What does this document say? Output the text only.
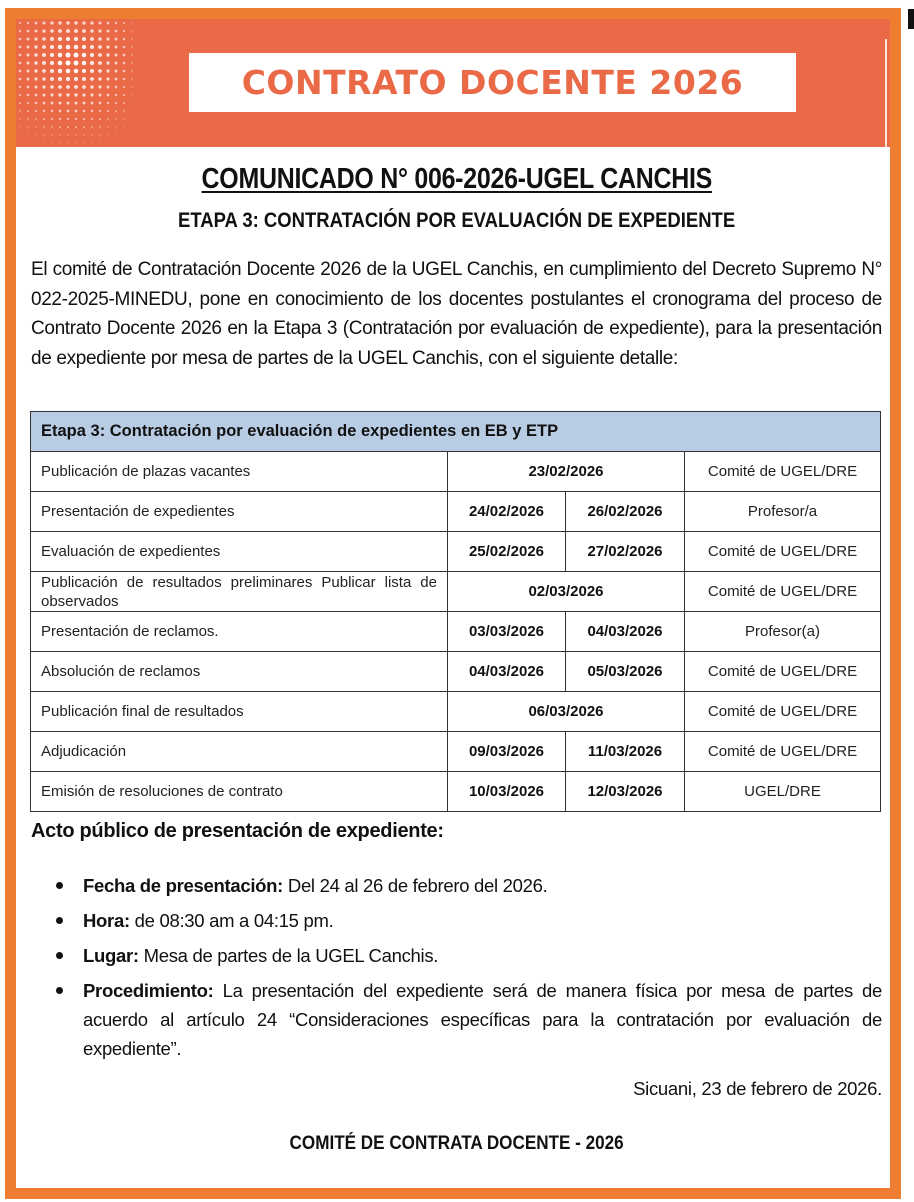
CONTRATO DOCENTE 2026
COMUNICADO N° 006-2026-UGEL CANCHIS
ETAPA 3: CONTRATACIÓN POR EVALUACIÓN DE EXPEDIENTE

El comité de Contratación Docente 2026 de la UGEL Canchis, en cumplimiento del Decreto Supremo N° 022-2025-MINEDU, pone en conocimiento de los docentes postulantes el cronograma del proceso de Contrato Docente 2026 en la Etapa 3 (Contratación por evaluación de expediente), para la presentación de expediente por mesa de partes de la UGEL Canchis, con el siguiente detalle:

Etapa 3: Contratación por evaluación de expedientes en EB y ETP			
Publicación de plazas vacantes	23/02/2026		Comité de UGEL/DRE
Presentación de expedientes	24/02/2026	26/02/2026	Profesor/a
Evaluación de expedientes	25/02/2026	27/02/2026	Comité de UGEL/DRE
Publicación de resultados preliminares Publicar lista de observados	02/03/2026		Comité de UGEL/DRE
Presentación de reclamos.	03/03/2026	04/03/2026	Profesor(a)
Absolución de reclamos	04/03/2026	05/03/2026	Comité de UGEL/DRE
Publicación final de resultados	06/03/2026		Comité de UGEL/DRE
Adjudicación	09/03/2026	11/03/2026	Comité de UGEL/DRE
Emisión de resoluciones de contrato	10/03/2026	12/03/2026	UGEL/DRE
Acto público de presentación de expediente:
Fecha de presentación: Del 24 al 26 de febrero del 2026.
Hora: de 08:30 am a 04:15 pm.
Lugar: Mesa de partes de la UGEL Canchis.
Procedimiento: La presentación del expediente será de manera física por mesa de partes de acuerdo al artículo 24 “Consideraciones específicas para la contratación por evaluación de expediente”.
Sicuani, 23 de febrero de 2026.
COMITÉ DE CONTRATA DOCENTE - 2026
